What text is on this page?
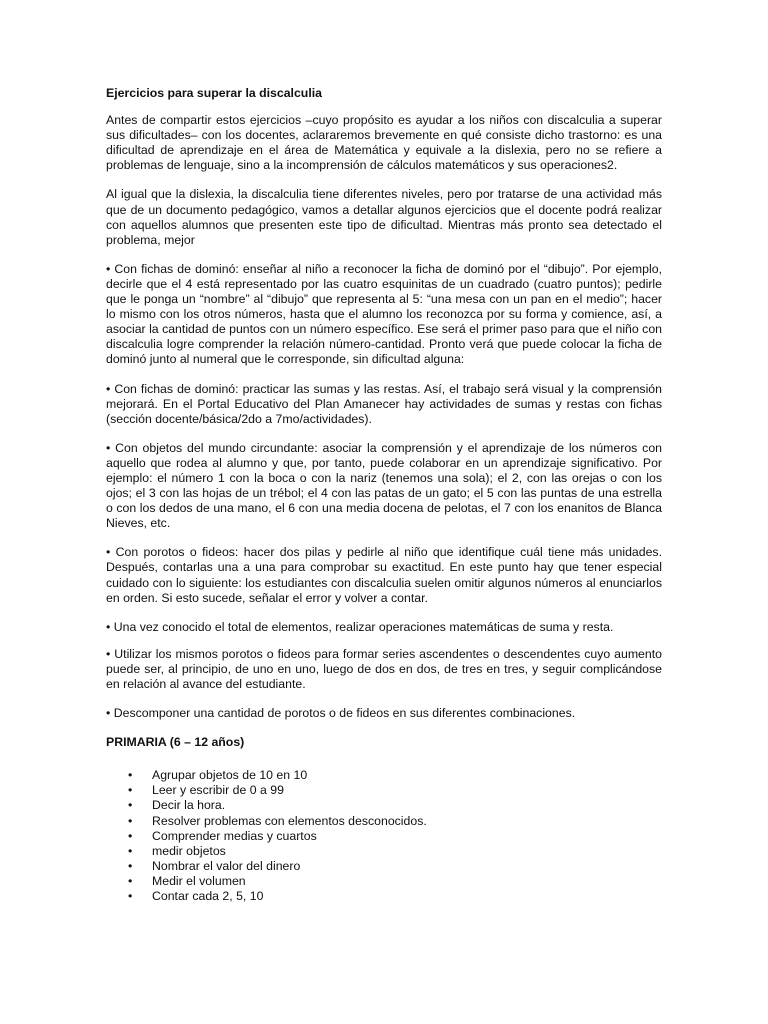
Ejercicios para superar la discalculia

Antes de compartir estos ejercicios –cuyo propósito es ayudar a los niños con discalculia a superar sus dificultades– con los docentes, aclararemos brevemente en qué consiste dicho trastorno: es una dificultad de aprendizaje en el área de Matemática y equivale a la dislexia, pero no se refiere a problemas de lenguaje, sino a la incomprensión de cálculos matemáticos y sus operaciones2.

Al igual que la dislexia, la discalculia tiene diferentes niveles, pero por tratarse de una actividad más que de un documento pedagógico, vamos a detallar algunos ejercicios que el docente podrá realizar con aquellos alumnos que presenten este tipo de dificultad. Mientras más pronto sea detectado el problema, mejor

• Con fichas de dominó: enseñar al niño a reconocer la ficha de dominó por el “dibujo”. Por ejemplo, decirle que el 4 está representado por las cuatro esquinitas de un cuadrado (cuatro puntos); pedirle que le ponga un “nombre” al “dibujo” que representa al 5: “una mesa con un pan en el medio”; hacer lo mismo con los otros números, hasta que el alumno los reconozca por su forma y comience, así, a asociar la cantidad de puntos con un número específico. Ese será el primer paso para que el niño con discalculia logre comprender la relación número-cantidad. Pronto verá que puede colocar la ficha de dominó junto al numeral que le corresponde, sin dificultad alguna:

• Con fichas de dominó: practicar las sumas y las restas. Así, el trabajo será visual y la comprensión mejorará. En el Portal Educativo del Plan Amanecer hay actividades de sumas y restas con fichas (sección docente/básica/2do a 7mo/actividades).

• Con objetos del mundo circundante: asociar la comprensión y el aprendizaje de los números con aquello que rodea al alumno y que, por tanto, puede colaborar en un aprendizaje significativo. Por ejemplo: el número 1 con la boca o con la nariz (tenemos una sola); el 2, con las orejas o con los ojos; el 3 con las hojas de un trébol; el 4 con las patas de un gato; el 5 con las puntas de una estrella o con los dedos de una mano, el 6 con una media docena de pelotas, el 7 con los enanitos de Blanca Nieves, etc.

• Con porotos o fideos: hacer dos pilas y pedirle al niño que identifique cuál tiene más unidades. Después, contarlas una a una para comprobar su exactitud. En este punto hay que tener especial cuidado con lo siguiente: los estudiantes con discalculia suelen omitir algunos números al enunciarlos en orden. Si esto sucede, señalar el error y volver a contar.

• Una vez conocido el total de elementos, realizar operaciones matemáticas de suma y resta.

• Utilizar los mismos porotos o fideos para formar series ascendentes o descendentes cuyo aumento puede ser, al principio, de uno en uno, luego de dos en dos, de tres en tres, y seguir complicándose en relación al avance del estudiante.

• Descomponer una cantidad de porotos o de fideos en sus diferentes combinaciones.

PRIMARIA (6 – 12 años)
• Agrupar objetos de 10 en 10
• Leer y escribir de 0 a 99
• Decir la hora.
• Resolver problemas con elementos desconocidos.
• Comprender medias y cuartos
• medir objetos
• Nombrar el valor del dinero
• Medir el volumen
• Contar cada 2, 5, 10
